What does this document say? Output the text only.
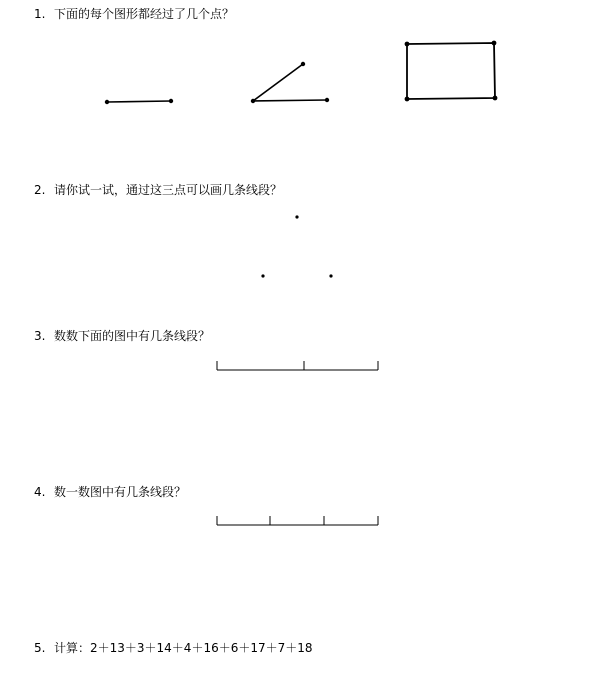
1. 下面的每个图形都经过了几个点？
2. 请你试一试，通过这三点可以画几条线段？
3. 数数下面的图中有几条线段？
4. 数一数图中有几条线段？
5. 计算：2＋13＋3＋14＋4＋16＋6＋17＋7＋18
